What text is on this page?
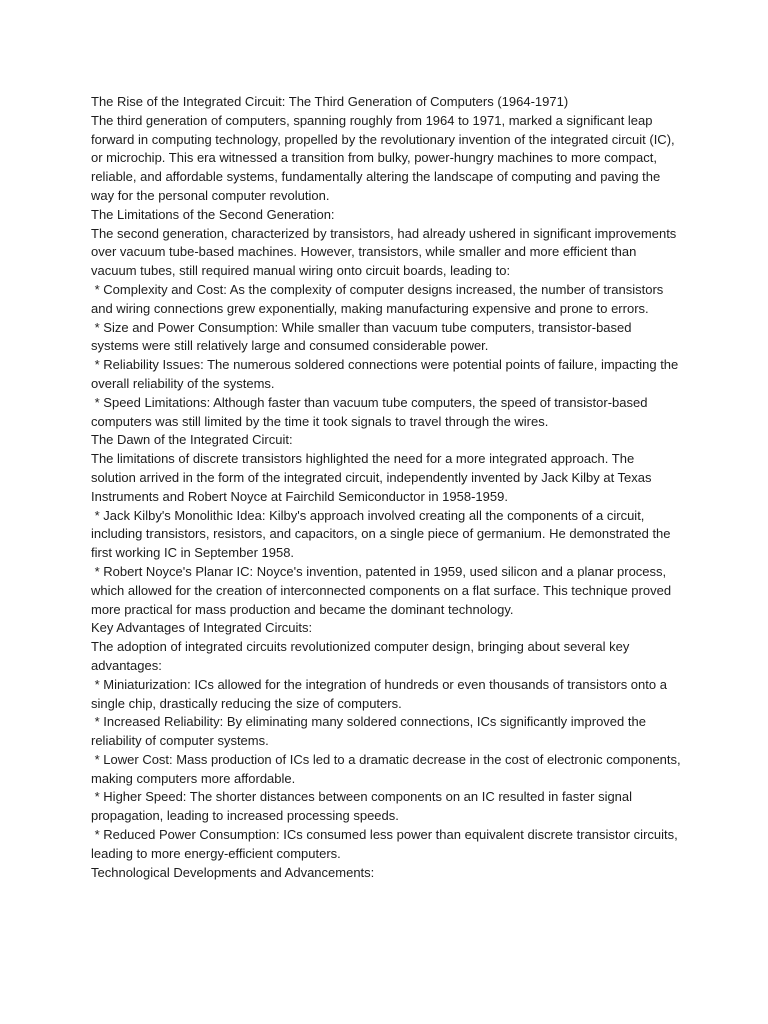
The Rise of the Integrated Circuit: The Third Generation of Computers (1964-1971)

The third generation of computers, spanning roughly from 1964 to 1971, marked a significant leap forward in computing technology, propelled by the revolutionary invention of the integrated circuit (IC), or microchip. This era witnessed a transition from bulky, power-hungry machines to more compact, reliable, and affordable systems, fundamentally altering the landscape of computing and paving the way for the personal computer revolution.

The Limitations of the Second Generation:

The second generation, characterized by transistors, had already ushered in significant improvements over vacuum tube-based machines. However, transistors, while smaller and more efficient than vacuum tubes, still required manual wiring onto circuit boards, leading to:

* Complexity and Cost: As the complexity of computer designs increased, the number of transistors and wiring connections grew exponentially, making manufacturing expensive and prone to errors.

* Size and Power Consumption: While smaller than vacuum tube computers, transistor-based systems were still relatively large and consumed considerable power.

* Reliability Issues: The numerous soldered connections were potential points of failure, impacting the overall reliability of the systems.

* Speed Limitations: Although faster than vacuum tube computers, the speed of transistor-based computers was still limited by the time it took signals to travel through the wires.

The Dawn of the Integrated Circuit:

The limitations of discrete transistors highlighted the need for a more integrated approach. The solution arrived in the form of the integrated circuit, independently invented by Jack Kilby at Texas Instruments and Robert Noyce at Fairchild Semiconductor in 1958-1959.

* Jack Kilby's Monolithic Idea: Kilby's approach involved creating all the components of a circuit, including transistors, resistors, and capacitors, on a single piece of germanium. He demonstrated the first working IC in September 1958.

* Robert Noyce's Planar IC: Noyce's invention, patented in 1959, used silicon and a planar process, which allowed for the creation of interconnected components on a flat surface. This technique proved more practical for mass production and became the dominant technology.

Key Advantages of Integrated Circuits:

The adoption of integrated circuits revolutionized computer design, bringing about several key advantages:

* Miniaturization: ICs allowed for the integration of hundreds or even thousands of transistors onto a single chip, drastically reducing the size of computers.

* Increased Reliability: By eliminating many soldered connections, ICs significantly improved the reliability of computer systems.

* Lower Cost: Mass production of ICs led to a dramatic decrease in the cost of electronic components, making computers more affordable.

* Higher Speed: The shorter distances between components on an IC resulted in faster signal propagation, leading to increased processing speeds.

* Reduced Power Consumption: ICs consumed less power than equivalent discrete transistor circuits, leading to more energy-efficient computers.

Technological Developments and Advancements:
